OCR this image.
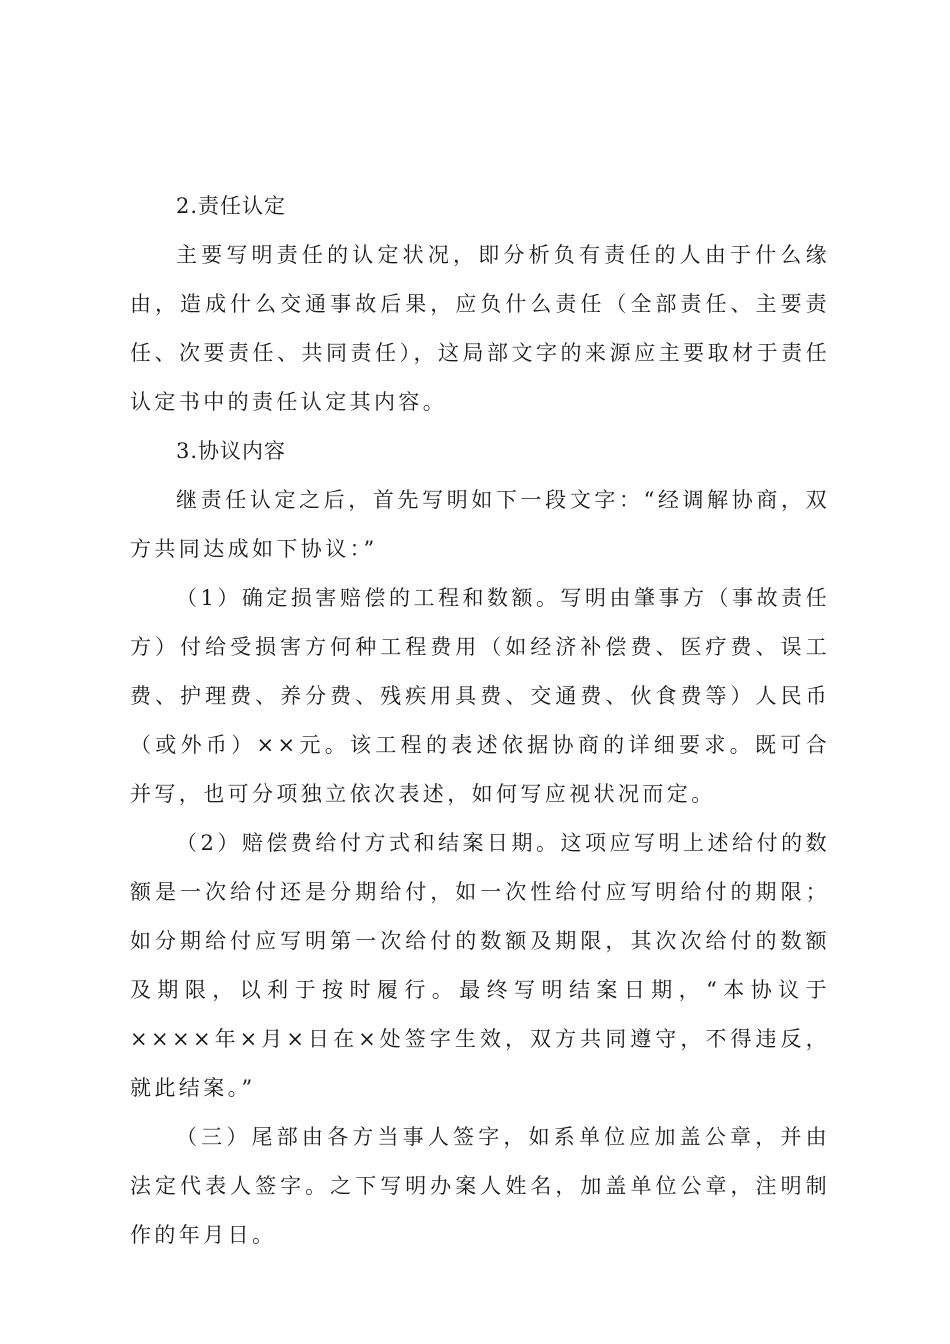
2.责任认定

主要写明责任的认定状况，即分析负有责任的人由于什么缘由，造成什么交通事故后果，应负什么责任（全部责任、主要责任、次要责任、共同责任），这局部文字的来源应主要取材于责任认定书中的责任认定其内容。

3.协议内容

继责任认定之后，首先写明如下一段文字：“经调解协商，双方共同达成如下协议：”

（1）确定损害赔偿的工程和数额。写明由肇事方（事故责任方）付给受损害方何种工程费用（如经济补偿费、医疗费、误工费、护理费、养分费、残疾用具费、交通费、伙食费等）人民币（或外币）××元。该工程的表述依据协商的详细要求。既可合并写，也可分项独立依次表述，如何写应视状况而定。

（2）赔偿费给付方式和结案日期。这项应写明上述给付的数额是一次给付还是分期给付，如一次性给付应写明给付的期限；如分期给付应写明第一次给付的数额及期限，其次次给付的数额及期限，以利于按时履行。最终写明结案日期，“本协议于××××年×月×日在×处签字生效，双方共同遵守，不得违反，就此结案。”

（三）尾部由各方当事人签字，如系单位应加盖公章，并由法定代表人签字。之下写明办案人姓名，加盖单位公章，注明制作的年月日。
